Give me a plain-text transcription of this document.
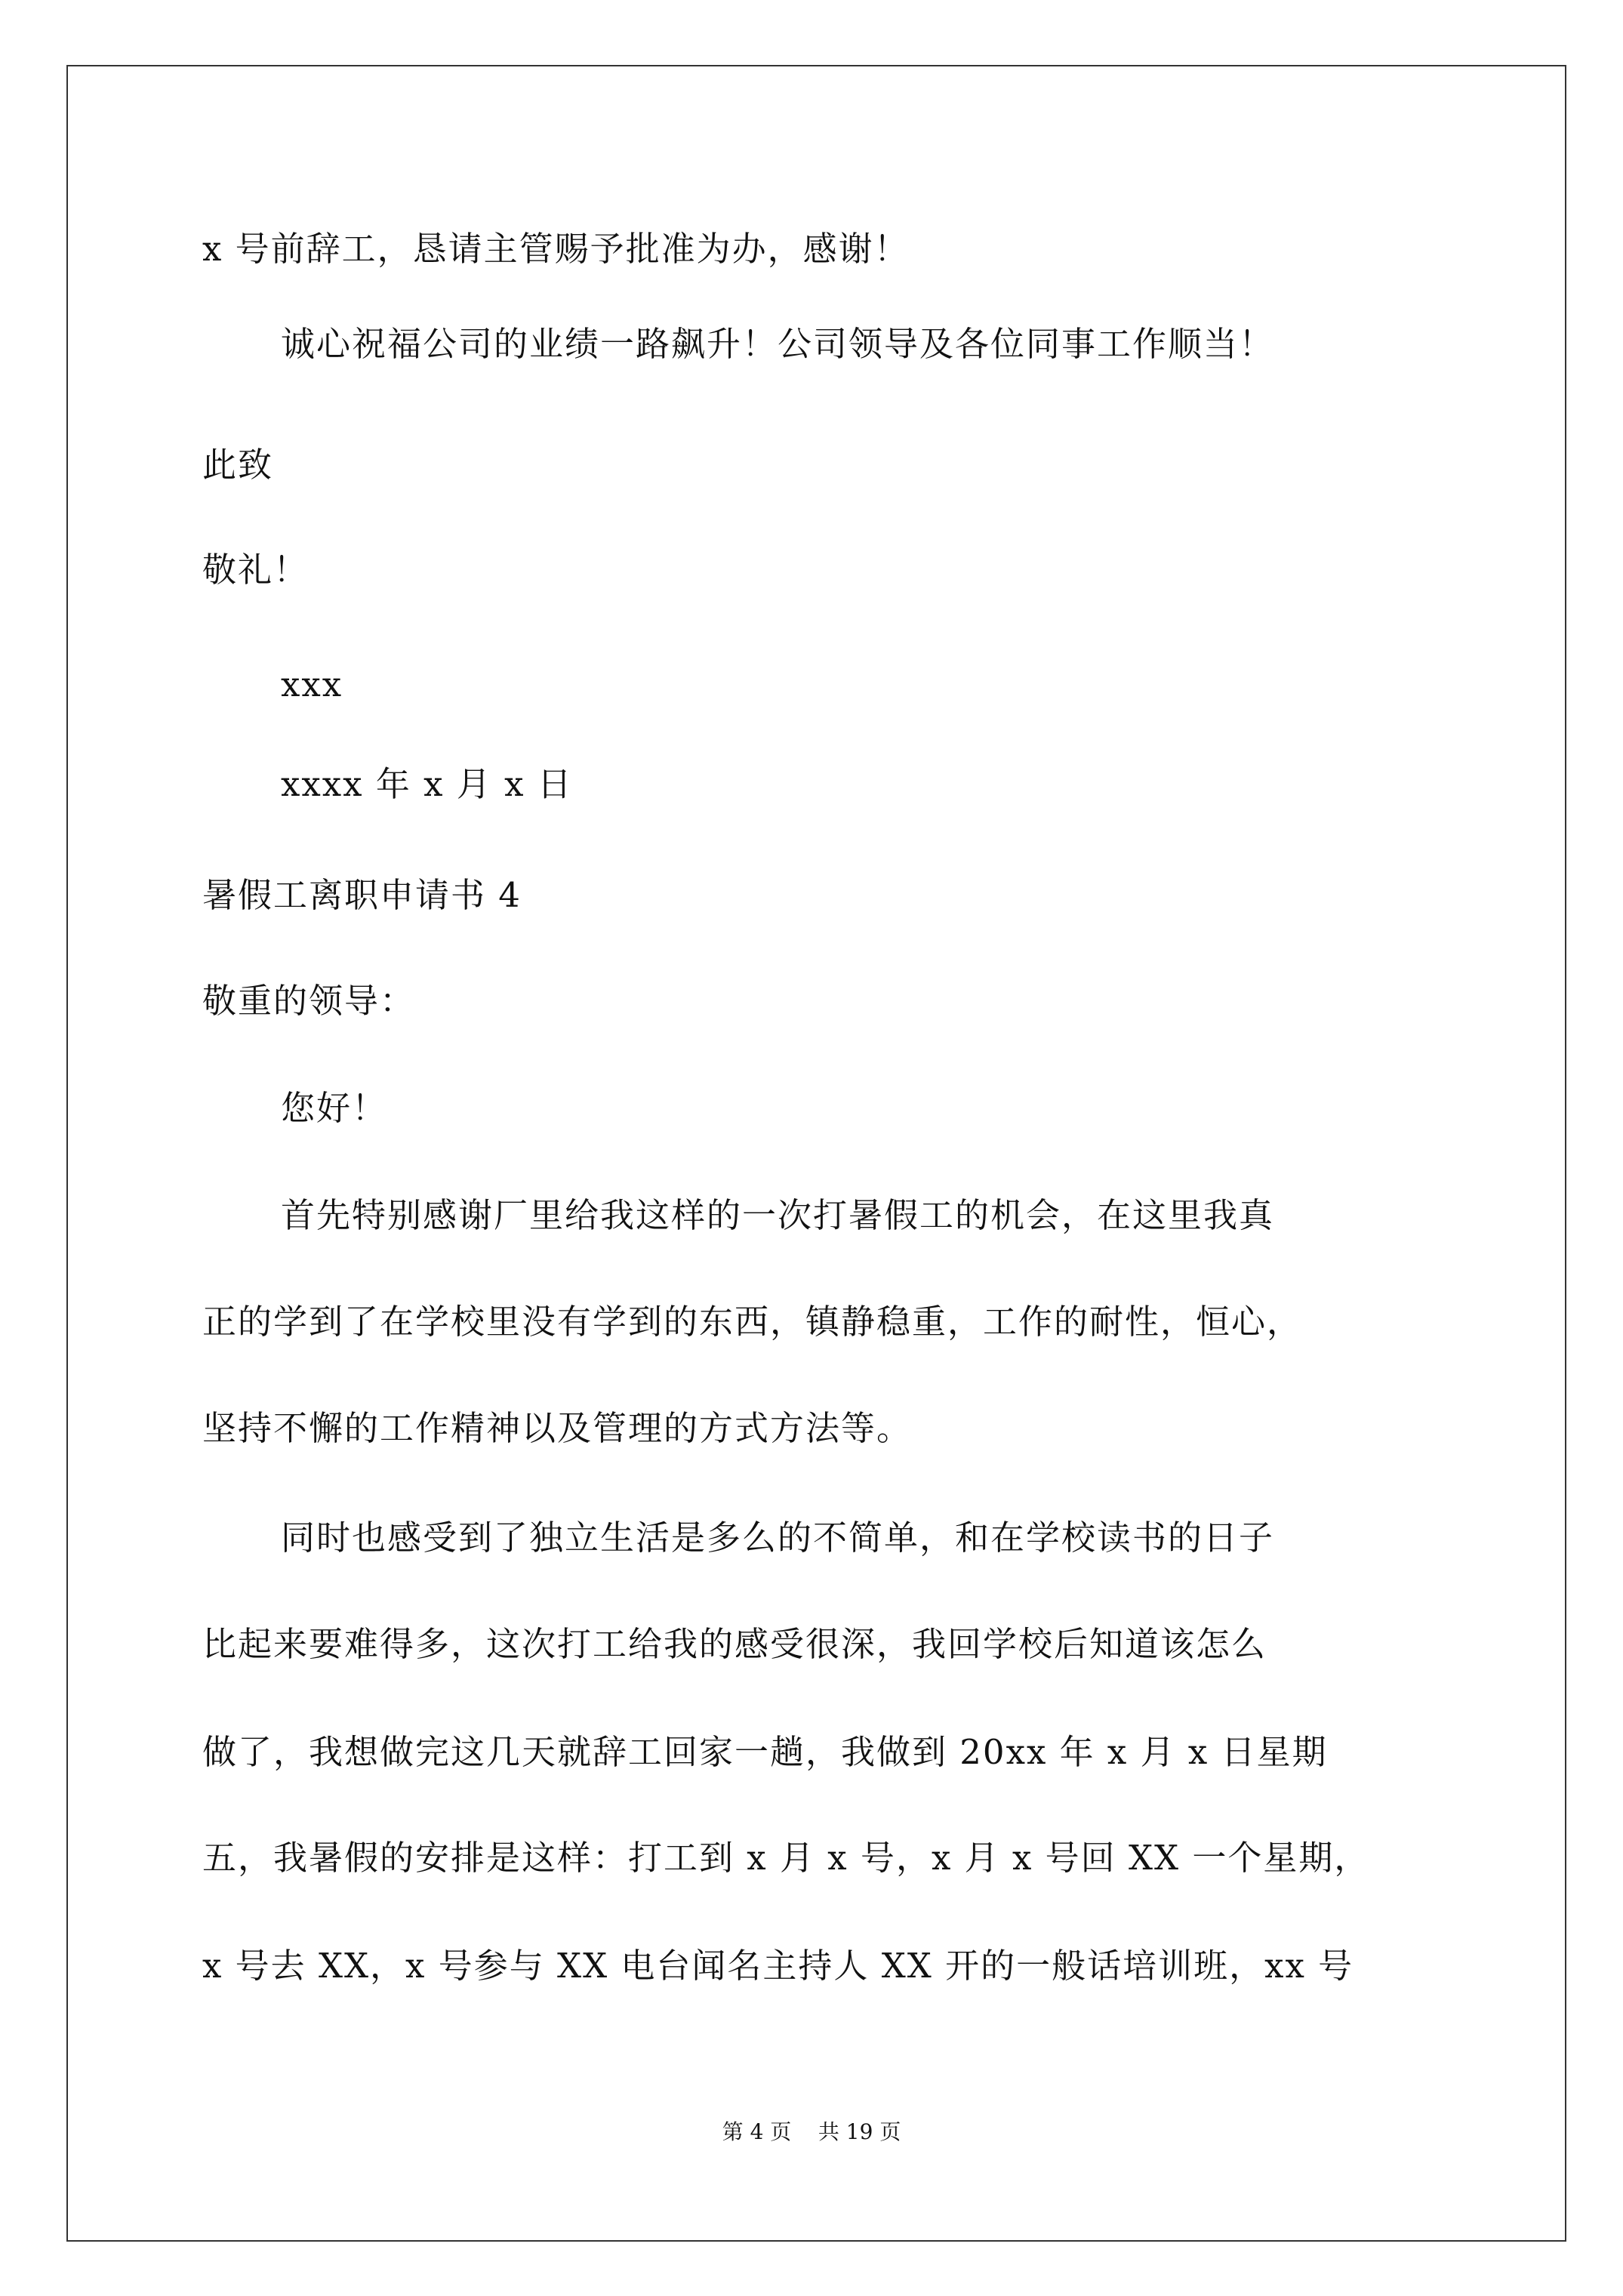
x 号前辞工，恳请主管赐予批准为办，感谢！
诚心祝福公司的业绩一路飙升！公司领导及各位同事工作顺当！
此致
敬礼！
xxx
xxxx 年 x 月 x 日
暑假工离职申请书 4
敬重的领导：
您好！
首先特别感谢厂里给我这样的一次打暑假工的机会，在这里我真
正的学到了在学校里没有学到的东西，镇静稳重，工作的耐性，恒心，
坚持不懈的工作精神以及管理的方式方法等。
同时也感受到了独立生活是多么的不简单，和在学校读书的日子
比起来要难得多，这次打工给我的感受很深，我回学校后知道该怎么
做了，我想做完这几天就辞工回家一趟，我做到 20xx 年 x 月 x 日星期
五，我暑假的安排是这样：打工到 x 月 x 号，x 月 x 号回 XX 一个星期，
x 号去 XX，x 号参与 XX 电台闻名主持人 XX 开的一般话培训班，xx 号
第 4 页    共 19 页
